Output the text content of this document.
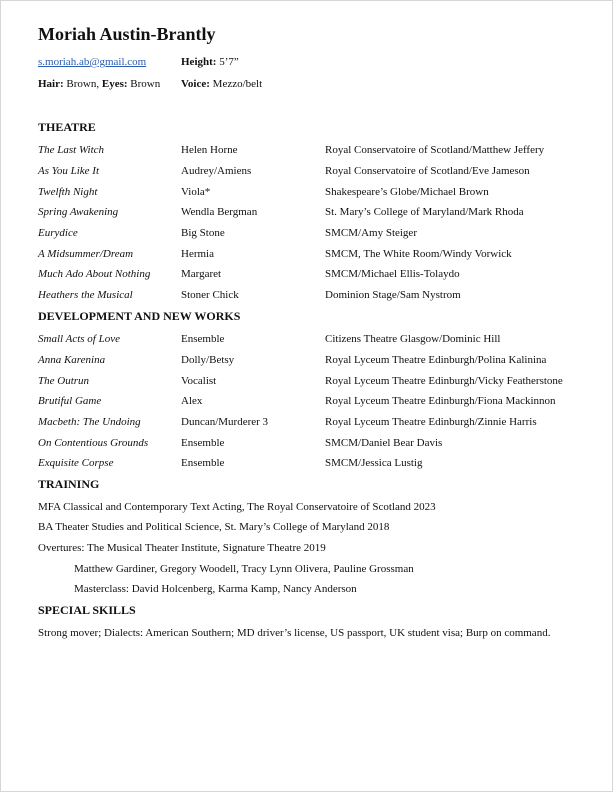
Moriah Austin-Brantly
s.moriah.ab@gmail.com	Height: 5’7”
Hair: Brown, Eyes: Brown Voice: Mezzo/belt
THEATRE
The Last Witch	Helen Horne	Royal Conservatoire of Scotland/Matthew Jeffery
As You Like It	Audrey/Amiens	Royal Conservatoire of Scotland/Eve Jameson
Twelfth Night	Viola*	Shakespeare’s Globe/Michael Brown
Spring Awakening	Wendla Bergman	St. Mary’s College of Maryland/Mark Rhoda
Eurydice	Big Stone	SMCM/Amy Steiger
A Midsummer/Dream	Hermia	SMCM, The White Room/Windy Vorwick
Much Ado About Nothing	Margaret	SMCM/Michael Ellis-Tolaydo
Heathers the Musical	Stoner Chick	Dominion Stage/Sam Nystrom
DEVELOPMENT AND NEW WORKS
Small Acts of Love	Ensemble	Citizens Theatre Glasgow/Dominic Hill
Anna Karenina	Dolly/Betsy	Royal Lyceum Theatre Edinburgh/Polina Kalinina
The Outrun	Vocalist	Royal Lyceum Theatre Edinburgh/Vicky Featherstone
Brutiful Game	Alex	Royal Lyceum Theatre Edinburgh/Fiona Mackinnon
Macbeth: The Undoing	Duncan/Murderer 3	Royal Lyceum Theatre Edinburgh/Zinnie Harris
On Contentious Grounds	Ensemble	SMCM/Daniel Bear Davis
Exquisite Corpse	Ensemble	SMCM/Jessica Lustig
TRAINING
MFA Classical and Contemporary Text Acting, The Royal Conservatoire of Scotland 2023
BA Theater Studies and Political Science, St. Mary’s College of Maryland 2018
Overtures: The Musical Theater Institute, Signature Theatre 2019
Matthew Gardiner, Gregory Woodell, Tracy Lynn Olivera, Pauline Grossman
Masterclass: David Holcenberg, Karma Kamp, Nancy Anderson
SPECIAL SKILLS
Strong mover; Dialects: American Southern; MD driver’s license, US passport, UK student visa; Burp on command.
